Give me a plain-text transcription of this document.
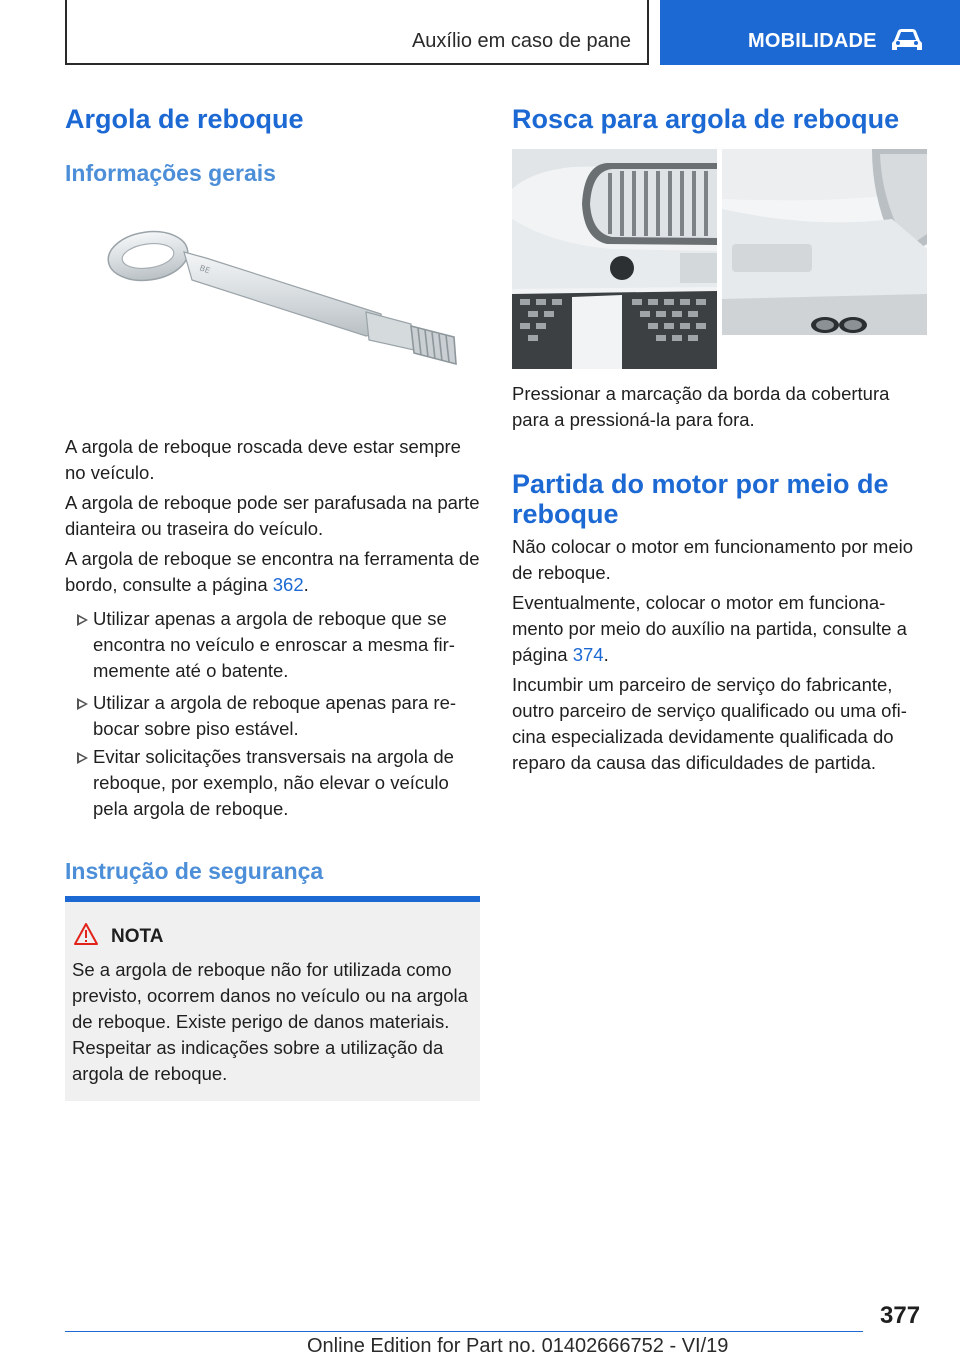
Auxílio em caso de pane	MOBILIDADE
Argola de reboque
Informações gerais
BE
A argola de reboque roscada deve estar sempre no veículo.
A argola de reboque pode ser parafusada na parte dianteira ou traseira do veículo.
A argola de reboque se encontra na ferramenta de bordo, consulte a página 362.
Utilizar apenas a argola de reboque que se encontra no veículo e enroscar a mesma firmemente até o batente.
Utilizar a argola de reboque apenas para rebocar sobre piso estável.
Evitar solicitações transversais na argola de reboque, por exemplo, não elevar o veículo pela argola de reboque.
Instrução de segurança
NOTA
Se a argola de reboque não for utilizada como previsto, ocorrem danos no veículo ou na argola de reboque. Existe perigo de danos materiais. Respeitar as indicações sobre a utilização da argola de reboque.
Rosca para argola de reboque
Pressionar a marcação da borda da cobertura para a pressioná-la para fora.
Partida do motor por meio de reboque
Não colocar o motor em funcionamento por meio de reboque.
Eventualmente, colocar o motor em funcionamento por meio do auxílio na partida, consulte a página 374.
Incumbir um parceiro de serviço do fabricante, outro parceiro de serviço qualificado ou uma oficina especializada devidamente qualificada do reparo da causa das dificuldades de partida.
377
Online Edition for Part no. 01402666752 - VI/19
